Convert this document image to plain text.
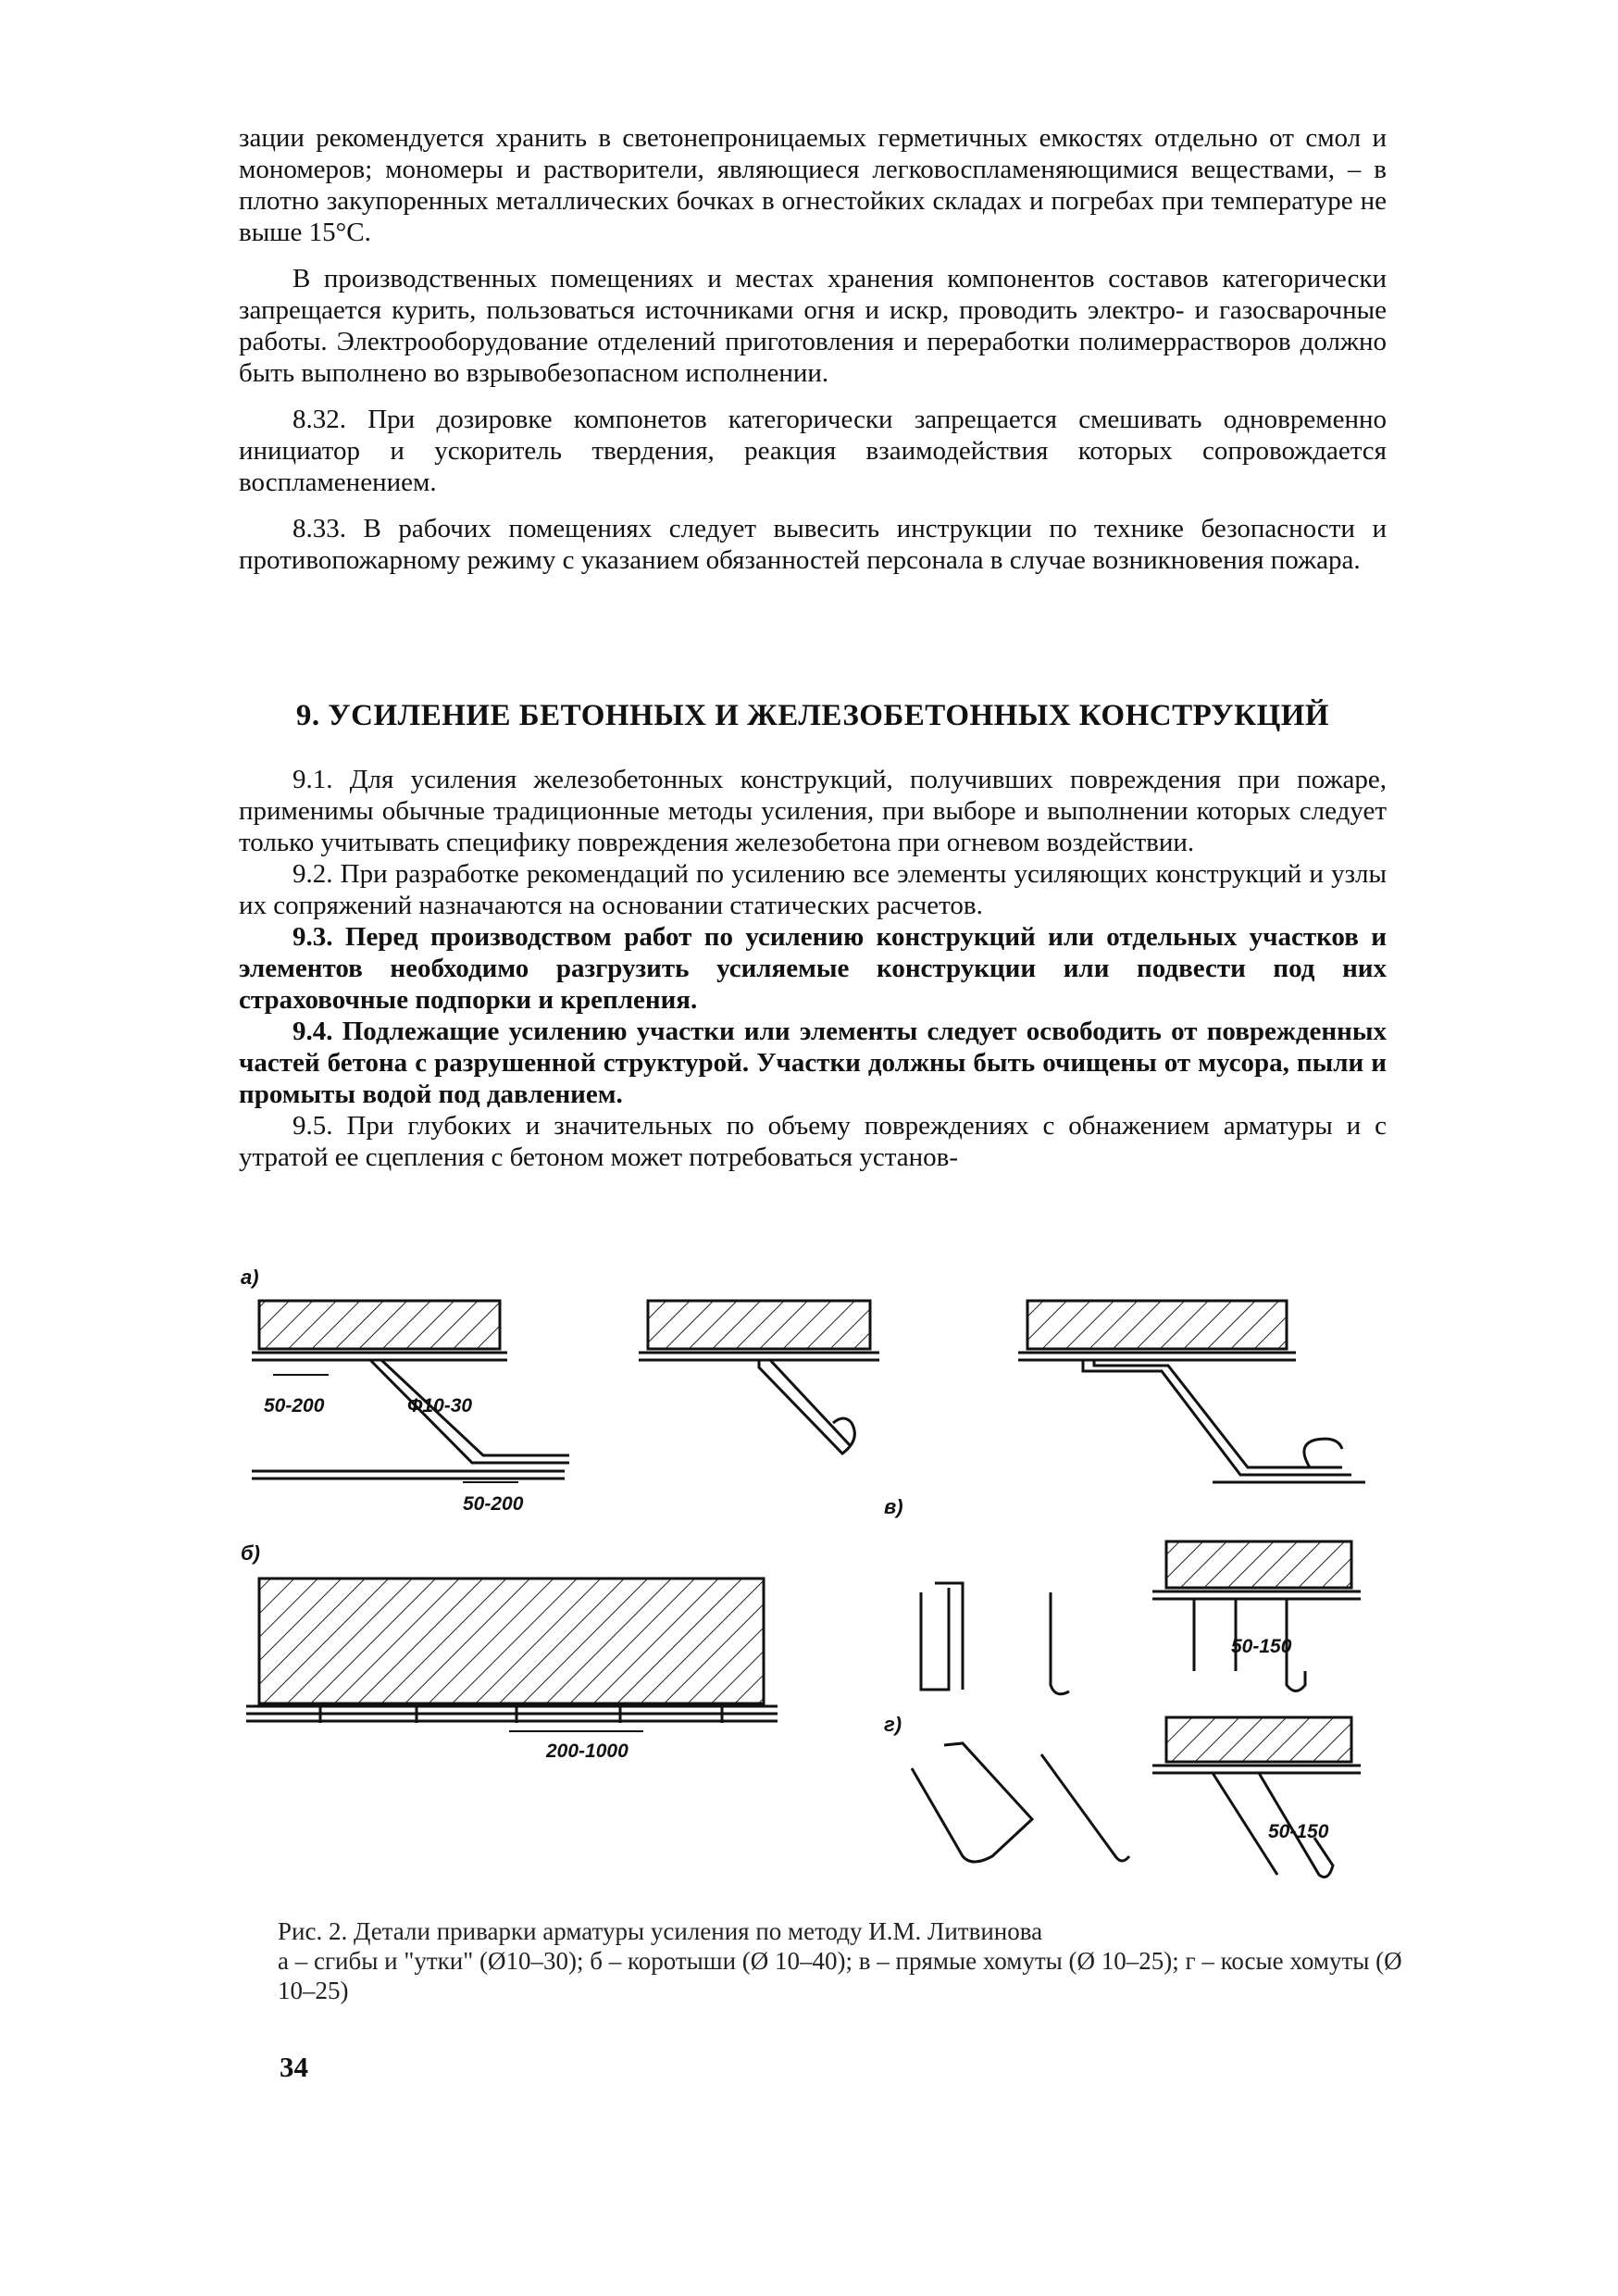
зации рекомендуется хранить в светонепроницаемых герметичных емкостях отдельно от смол и мономеров; мономеры и растворители, являющиеся легковоспламеняющимися веществами, – в плотно закупоренных металлических бочках в огнестойких складах и погребах при температуре не выше 15°С.

В производственных помещениях и местах хранения компонентов составов категорически запрещается курить, пользоваться источниками огня и искр, проводить электро- и газосварочные работы. Электрооборудование отделений приготовления и переработки полимеррастворов должно быть выполнено во взрывобезопасном исполнении.

8.32. При дозировке компонетов категорически запрещается смешивать одновременно инициатор и ускоритель твердения, реакция взаимодействия которых сопровождается воспламенением.

8.33. В рабочих помещениях следует вывесить инструкции по технике безопасности и противопожарному режиму с указанием обязанностей персонала в случае возникновения пожара.

9. УСИЛЕНИЕ БЕТОННЫХ И ЖЕЛЕЗОБЕТОННЫХ КОНСТРУКЦИЙ

9.1. Для усиления железобетонных конструкций, получивших повреждения при пожаре, применимы обычные традиционные методы усиления, при выборе и выполнении которых следует только учитывать специфику повреждения железобетона при огневом воздействии.

9.2. При разработке рекомендаций по усилению все элементы усиляющих конструкций и узлы их сопряжений назначаются на основании статических расчетов.

9.3. Перед производством работ по усилению конструкций или отдельных участков и элементов необходимо разгрузить усиляемые конструкции или подвести под них страховочные подпорки и крепления.

9.4. Подлежащие усилению участки или элементы следует освободить от поврежденных частей бетона с разрушенной структурой. Участки должны быть очищены от мусора, пыли и промыты водой под давлением.

9.5. При глубоких и значительных по объему повреждениях с обнажением арматуры и с утратой ее сцепления с бетоном может потребоваться установ-

а)
б)
в)
г)
50-200	Ф10-30
50-200
200-1000
50-150
50-150

Рис. 2. Детали приварки арматуры усиления по методу И.М. Литвинова

а – сгибы и "утки" (Ø10–30); б – коротыши (Ø 10–40); в – прямые хомуты (Ø 10–25); г – косые хомуты (Ø 10–25)

34
